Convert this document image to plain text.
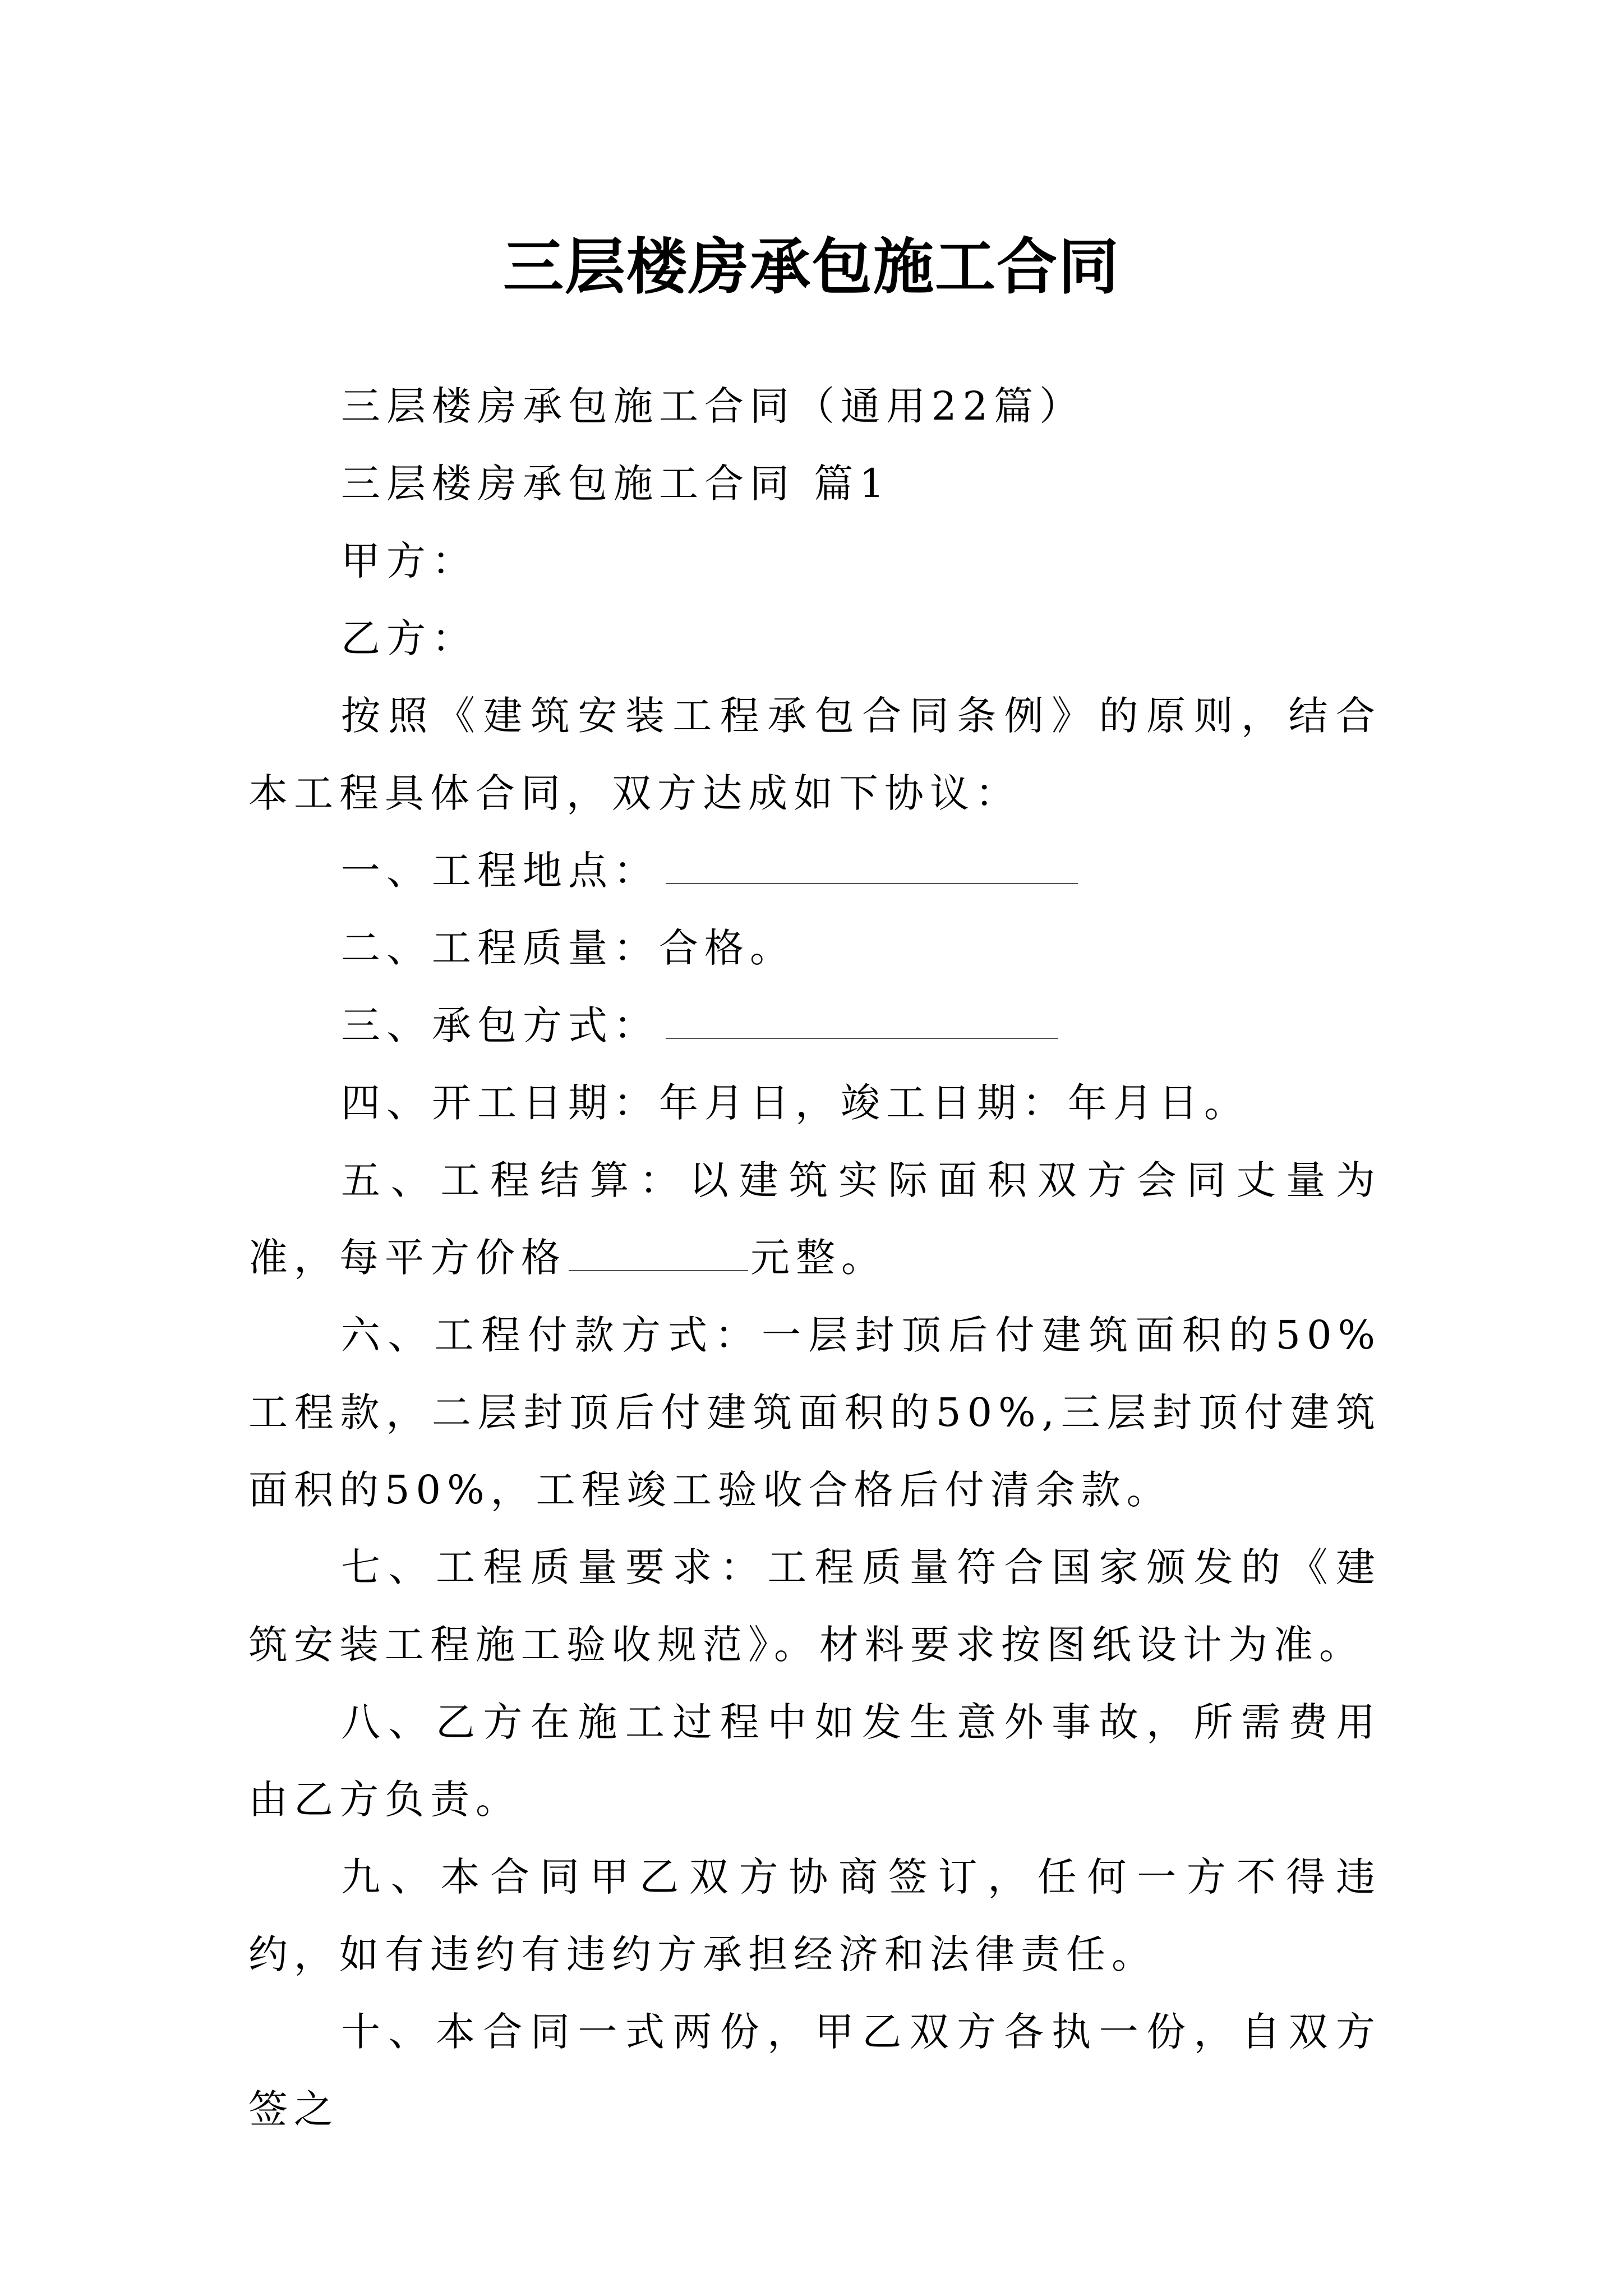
三层楼房承包施工合同

三层楼房承包施工合同（通用22篇）

三层楼房承包施工合同 篇1

甲方：

乙方：

按照《建筑安装工程承包合同条例》的原则，结合本工程具体合同，双方达成如下协议：

一、工程地点：

二、工程质量：合格。

三、承包方式：

四、开工日期：年月日，竣工日期：年月日。

五、工程结算：以建筑实际面积双方会同丈量为准，每平方价格	元整。

六、工程付款方式：一层封顶后付建筑面积的50%工程款，二层封顶后付建筑面积的50%,三层封顶付建筑面积的50%，工程竣工验收合格后付清余款。

七、工程质量要求：工程质量符合国家颁发的《建筑安装工程施工验收规范》。材料要求按图纸设计为准。

八、乙方在施工过程中如发生意外事故，所需费用由乙方负责。

九、本合同甲乙双方协商签订，任何一方不得违约，如有违约有违约方承担经济和法律责任。

十、本合同一式两份，甲乙双方各执一份，自双方签之
